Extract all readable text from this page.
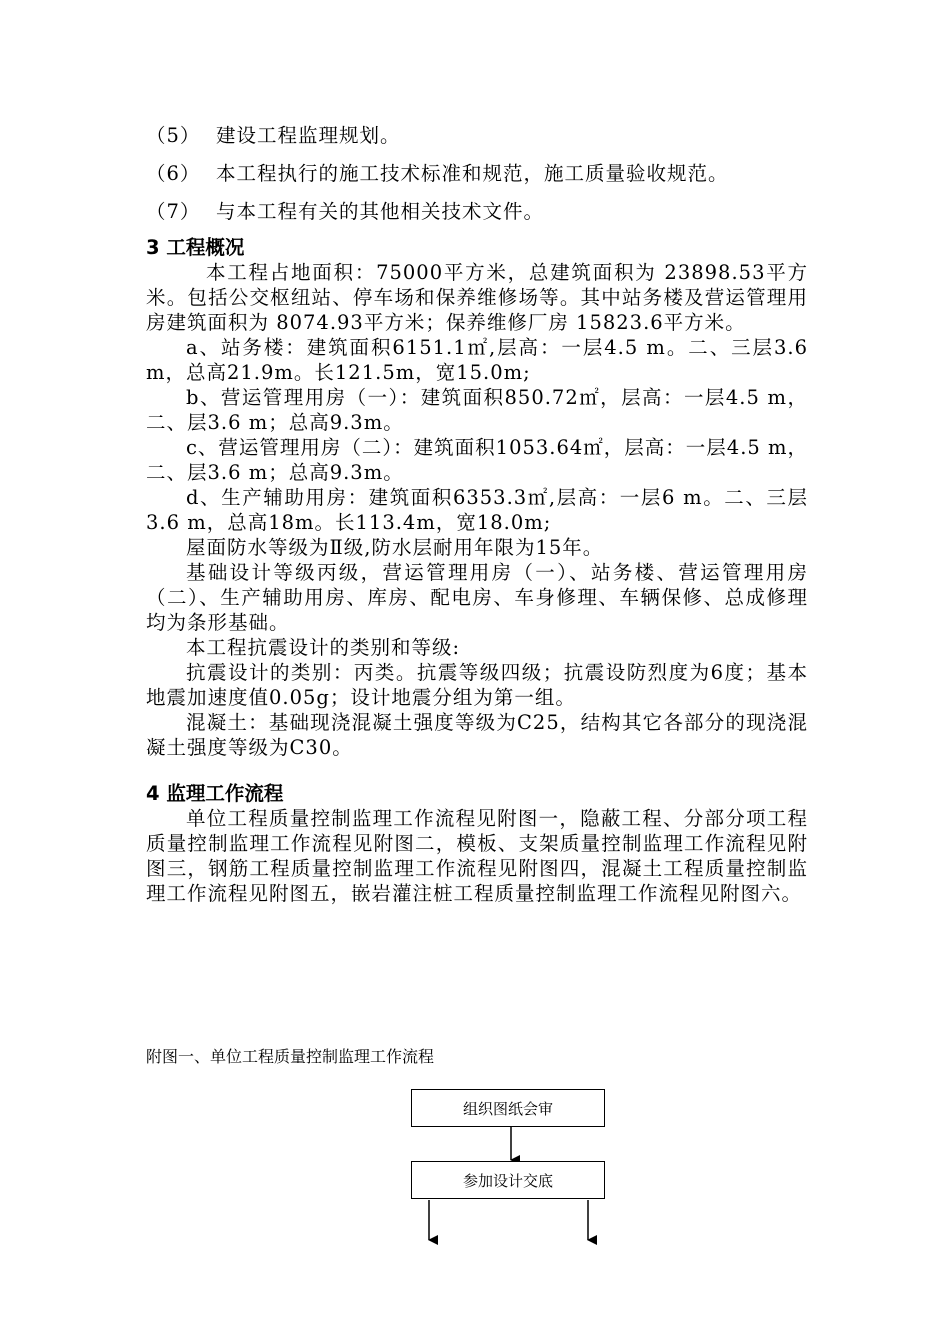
（5） 建设工程监理规划。
（6） 本工程执行的施工技术标准和规范，施工质量验收规范。
（7） 与本工程有关的其他相关技术文件。
3 工程概况
本工程占地面积：75000平方米，总建筑面积为 23898.53平方米。包括公交枢纽站、停车场和保养维修场等。其中站务楼及营运管理用房建筑面积为 8074.93平方米；保养维修厂房 15823.6平方米。
a、站务楼：建筑面积6151.1㎡,层高：一层4.5 m。二、三层3.6 m，总高21.9m。长121.5m，宽15.0m;
b、营运管理用房（一）：建筑面积850.72㎡，层高：一层4.5 m，二、层3.6 m；总高9.3m。
c、营运管理用房（二）：建筑面积1053.64㎡，层高：一层4.5 m，二、层3.6 m；总高9.3m。
d、生产辅助用房：建筑面积6353.3㎡,层高：一层6 m。二、三层3.6 m，总高18m。长113.4m，宽18.0m;
屋面防水等级为Ⅱ级,防水层耐用年限为15年。
基础设计等级丙级，营运管理用房（一）、站务楼、营运管理用房（二）、生产辅助用房、库房、配电房、车身修理、车辆保修、总成修理均为条形基础。
本工程抗震设计的类别和等级:
抗震设计的类别：丙类。抗震等级四级；抗震设防烈度为6度；基本地震加速度值0.05g；设计地震分组为第一组。
混凝土：基础现浇混凝土强度等级为C25，结构其它各部分的现浇混凝土强度等级为C30。
4 监理工作流程
单位工程质量控制监理工作流程见附图一，隐蔽工程、分部分项工程质量控制监理工作流程见附图二，模板、支架质量控制监理工作流程见附图三，钢筋工程质量控制监理工作流程见附图四，混凝土工程质量控制监理工作流程见附图五，嵌岩灌注桩工程质量控制监理工作流程见附图六。
附图一、单位工程质量控制监理工作流程
组织图纸会审
参加设计交底
